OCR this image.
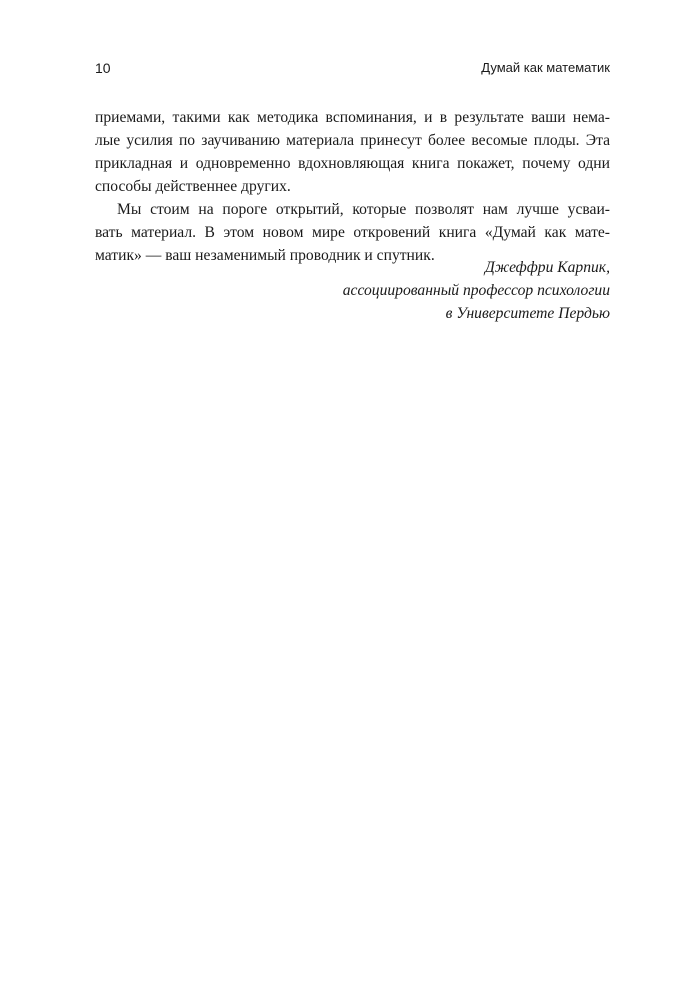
10	Думай как математик
приемами, такими как методика вспоминания, и в результате ваши нема-
лые усилия по заучиванию материала принесут более весомые плоды. Эта
прикладная и одновременно вдохновляющая книга покажет, почему одни
способы действеннее других.
Мы стоим на пороге открытий, которые позволят нам лучше усваи-
вать материал. В этом новом мире откровений книга «Думай как мате-
матик» — ваш незаменимый проводник и спутник.
Джеффри Карпик,
ассоциированный профессор психологии
в Университете Пердью
